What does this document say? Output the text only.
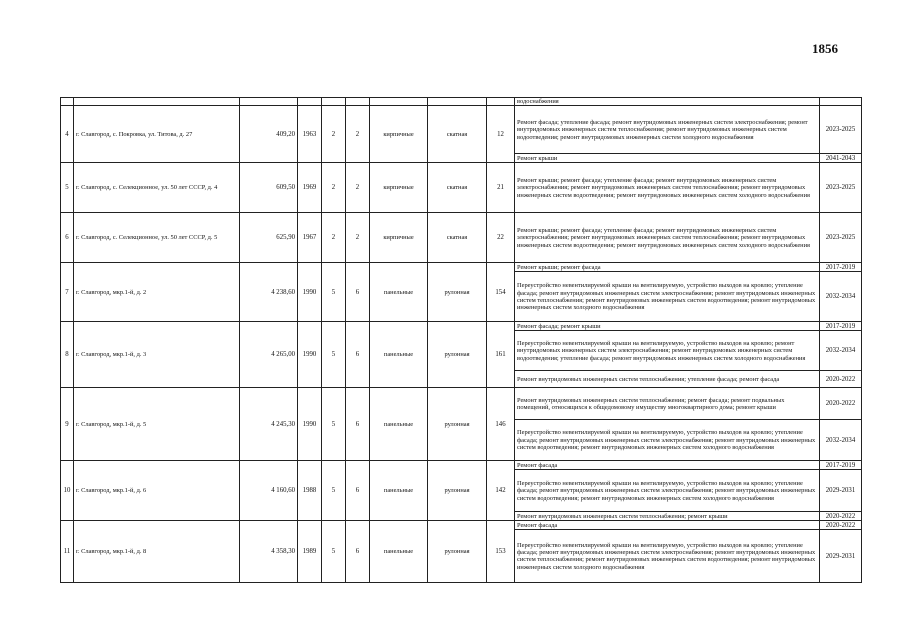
1856
									водоснабжения	
4	г. Славгород, с. Покровка, ул. Титова, д. 27	409,20	1963	2	2	кирпичные	скатная	12	Ремонт фасада; утепление фасада; ремонт внутридомовых инженерных систем электроснабжения; ремонт внутридомовых инженерных систем теплоснабжения; ремонт внутридомовых инженерных систем водоотведения; ремонт внутридомовых инженерных систем холодного водоснабжения	2023-2025
									Ремонт крыши	2041-2043
5	г. Славгород, с. Селекционное, ул. 50 лет СССР, д. 4	609,50	1969	2	2	кирпичные	скатная	21	Ремонт крыши; ремонт фасада; утепление фасада; ремонт внутридомовых инженерных систем электроснабжения; ремонт внутридомовых инженерных систем теплоснабжения; ремонт внутридомовых инженерных систем водоотведения; ремонт внутридомовых инженерных систем холодного водоснабжения	2023-2025
6	г. Славгород, с. Селекционное, ул. 50 лет СССР, д. 5	625,90	1967	2	2	кирпичные	скатная	22	Ремонт крыши; ремонт фасада; утепление фасада; ремонт внутридомовых инженерных систем электроснабжения; ремонт внутридомовых инженерных систем теплоснабжения; ремонт внутридомовых инженерных систем водоотведения; ремонт внутридомовых инженерных систем холодного водоснабжения	2023-2025
7	г. Славгород, мкр.1-й, д. 2	4 238,60	1990	5	6	панельные	рулонная	154	Ремонт крыши; ремонт фасада	2017-2019
									Переустройство невентилируемой крыши на вентилируемую, устройство выходов на кровлю; утепление фасада; ремонт внутридомовых инженерных систем электроснабжения; ремонт внутридомовых инженерных систем теплоснабжения; ремонт внутридомовых инженерных систем водоотведения; ремонт внутридомовых инженерных систем холодного водоснабжения	2032-2034
8	г. Славгород, мкр.1-й, д. 3	4 265,00	1990	5	6	панельные	рулонная	161	Ремонт фасада; ремонт крыши	2017-2019
									Переустройство невентилируемой крыши на вентилируемую, устройство выходов на кровлю; ремонт внутридомовых инженерных систем электроснабжения; ремонт внутридомовых инженерных систем водоотведения; утепление фасада; ремонт внутридомовых инженерных систем холодного водоснабжения	2032-2034
									Ремонт внутридомовых инженерных систем теплоснабжения; утепление фасада; ремонт фасада	2020-2022
9	г. Славгород, мкр.1-й, д. 5	4 245,30	1990	5	6	панельные	рулонная	146	Ремонт внутридомовых инженерных систем теплоснабжения; ремонт фасада; ремонт подвальных помещений, относящихся к общедомовому имуществу многоквартирного дома; ремонт крыши	2020-2022
									Переустройство невентилируемой крыши на вентилируемую, устройство выходов на кровлю; утепление фасада; ремонт внутридомовых инженерных систем электроснабжения; ремонт внутридомовых инженерных систем водоотведения; ремонт внутридомовых инженерных систем холодного водоснабжения	2032-2034
10	г. Славгород, мкр.1-й, д. 6	4 160,60	1988	5	6	панельные	рулонная	142	Ремонт фасада	2017-2019
									Переустройство невентилируемой крыши на вентилируемую, устройство выходов на кровлю; утепление фасада; ремонт внутридомовых инженерных систем электроснабжения; ремонт внутридомовых инженерных систем водоотведения; ремонт внутридомовых инженерных систем холодного водоснабжения	2029-2031
									Ремонт внутридомовых инженерных систем теплоснабжения; ремонт крыши	2020-2022
11	г. Славгород, мкр.1-й, д. 8	4 358,30	1989	5	6	панельные	рулонная	153	Ремонт фасада	2020-2022
									Переустройство невентилируемой крыши на вентилируемую, устройство выходов на кровлю; утепление фасада; ремонт внутридомовых инженерных систем электроснабжения; ремонт внутридомовых инженерных систем теплоснабжения; ремонт внутридомовых инженерных систем водоотведения; ремонт внутридомовых инженерных систем холодного водоснабжения	2029-2031
